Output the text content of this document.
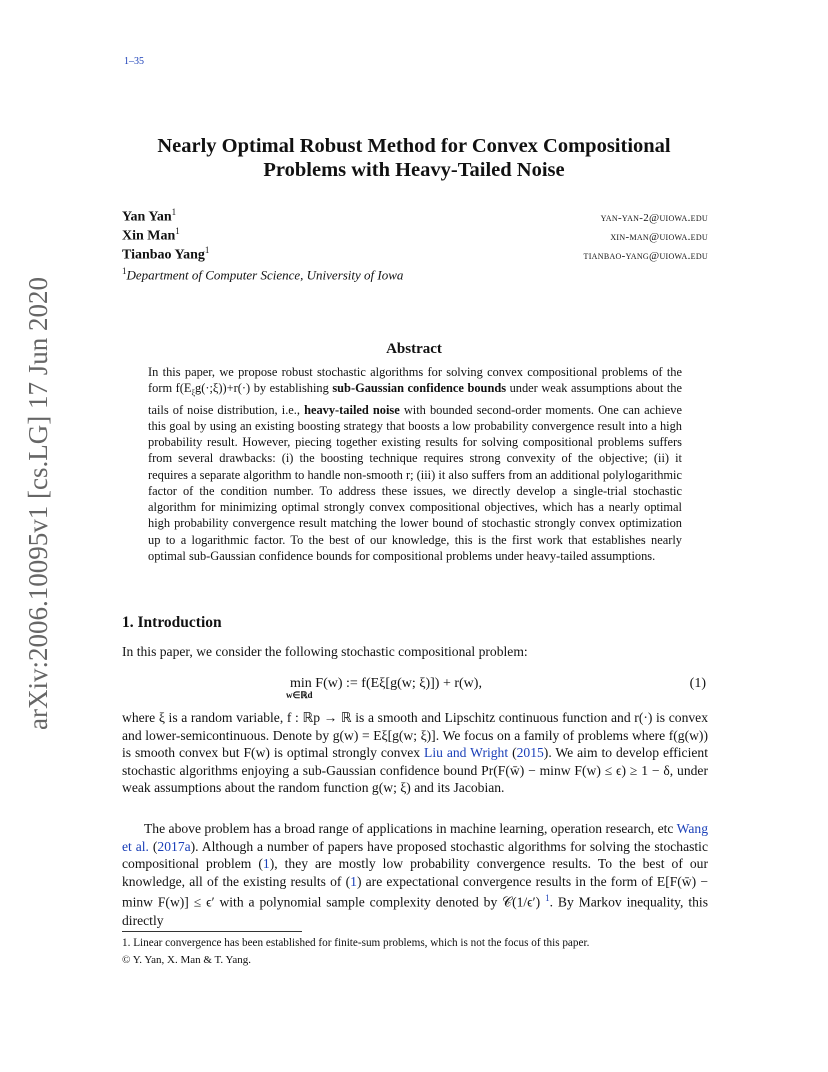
1–35
arXiv:2006.10095v1 [cs.LG] 17 Jun 2020
Nearly Optimal Robust Method for Convex Compositional
Problems with Heavy-Tailed Noise
Yan Yan$^1$	yan-yan-2@uiowa.edu
Xin Man$^1$	xin-man@uiowa.edu
Tianbao Yang$^1$	tianbao-yang@uiowa.edu
$^1$Department of Computer Science, University of Iowa
Abstract
In this paper, we propose robust stochastic algorithms for solving convex compositional problems of the form $f(E_\xi g(\cdot;\xi))+r(\cdot)$ by establishing sub-Gaussian confidence bounds under weak assumptions about the tails of noise distribution, i.e., heavy-tailed noise with bounded second-order moments. One can achieve this goal by using an existing boosting strategy that boosts a low probability convergence result into a high probability result. However, piecing together existing results for solving compositional problems suffers from several drawbacks: (i) the boosting technique requires strong convexity of the objective; (ii) it requires a separate algorithm to handle non-smooth r; (iii) it also suffers from an additional polylogarithmic factor of the condition number. To address these issues, we directly develop a single-trial stochastic algorithm for minimizing optimal strongly convex compositional objectives, which has a nearly optimal high probability convergence result matching the lower bound of stochastic strongly convex optimization up to a logarithmic factor. To the best of our knowledge, this is the first work that establishes nearly optimal sub-Gaussian confidence bounds for compositional problems under heavy-tailed assumptions.
1. Introduction
In this paper, we consider the following stochastic compositional problem:
min F(w) := f(Eξ[g(w; ξ)]) + r(w),
w∈ℝd
(1)
where ξ is a random variable, f : ℝp → ℝ is a smooth and Lipschitz continuous function and r(·) is convex and lower-semicontinuous. Denote by g(w) = Eξ[g(w; ξ)]. We focus on a family of problems where f(g(w)) is smooth convex but F(w) is optimal strongly convex Liu and Wright (2015). We aim to develop efficient stochastic algorithms enjoying a sub-Gaussian confidence bound Pr(F(w̄) − minw F(w) ≤ ϵ) ≥ 1 − δ, under weak assumptions about the random function g(w; ξ) and its Jacobian.
The above problem has a broad range of applications in machine learning, operation research, etc Wang et al. (2017a). Although a number of papers have proposed stochastic algorithms for solving the stochastic compositional problem (1), they are mostly low probability convergence results. To the best of our knowledge, all of the existing results of (1) are expectational convergence results in the form of E[F(w̄) − minw F(w)] ≤ ϵ′ with a polynomial sample complexity denoted by 𝒞(1/ϵ′) $^1$. By Markov inequality, this directly
1. Linear convergence has been established for finite-sum problems, which is not the focus of this paper.
© Y. Yan, X. Man & T. Yang.
